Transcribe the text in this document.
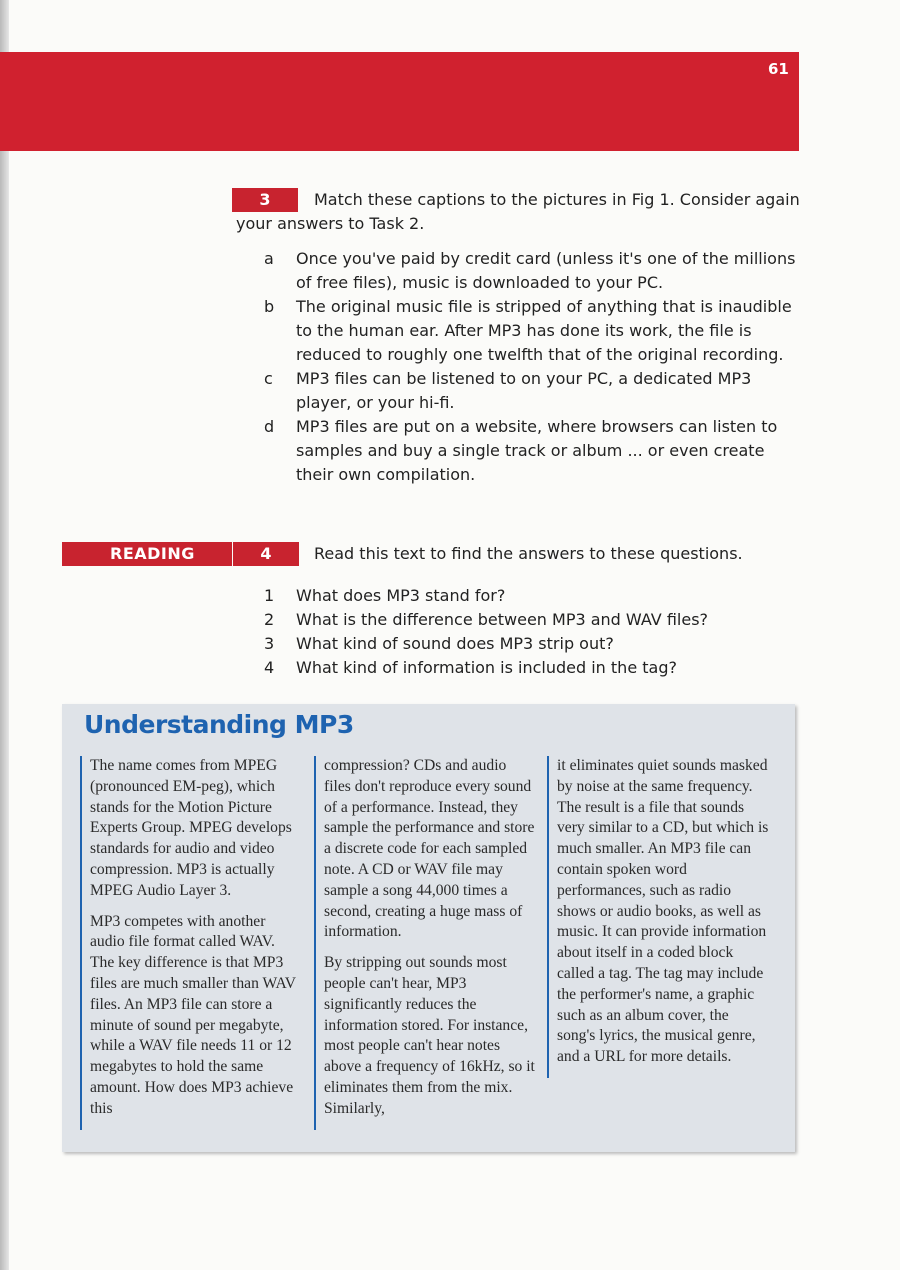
61
3	Match these captions to the pictures in Fig 1. Consider again
your answers to Task 2.
a Once you've paid by credit card (unless it's one of the millions of free files), music is downloaded to your PC.
b The original music file is stripped of anything that is inaudible to the human ear. After MP3 has done its work, the file is reduced to roughly one twelfth that of the original recording.
c MP3 files can be listened to on your PC, a dedicated MP3 player, or your hi-fi.
d MP3 files are put on a website, where browsers can listen to samples and buy a single track or album ... or even create their own compilation.
READING	4	Read this text to find the answers to these questions.
1 What does MP3 stand for?
2 What is the difference between MP3 and WAV files?
3 What kind of sound does MP3 strip out?
4 What kind of information is included in the tag?
Understanding MP3

The name comes from MPEG (pronounced EM-peg), which stands for the Motion Picture Experts Group. MPEG develops standards for audio and video compression. MP3 is actually MPEG Audio Layer 3.

MP3 competes with another audio file format called WAV. The key difference is that MP3 files are much smaller than WAV files. An MP3 file can store a minute of sound per megabyte, while a WAV file needs 11 or 12 megabytes to hold the same amount. How does MP3 achieve this

compression? CDs and audio files don't reproduce every sound of a performance. Instead, they sample the performance and store a discrete code for each sampled note. A CD or WAV file may sample a song 44,000 times a second, creating a huge mass of information.

By stripping out sounds most people can't hear, MP3 significantly reduces the information stored. For instance, most people can't hear notes above a frequency of 16kHz, so it eliminates them from the mix. Similarly,

it eliminates quiet sounds masked by noise at the same frequency. The result is a file that sounds very similar to a CD, but which is much smaller. An MP3 file can contain spoken word performances, such as radio shows or audio books, as well as music. It can provide information about itself in a coded block called a tag. The tag may include the performer's name, a graphic such as an album cover, the song's lyrics, the musical genre, and a URL for more details.
